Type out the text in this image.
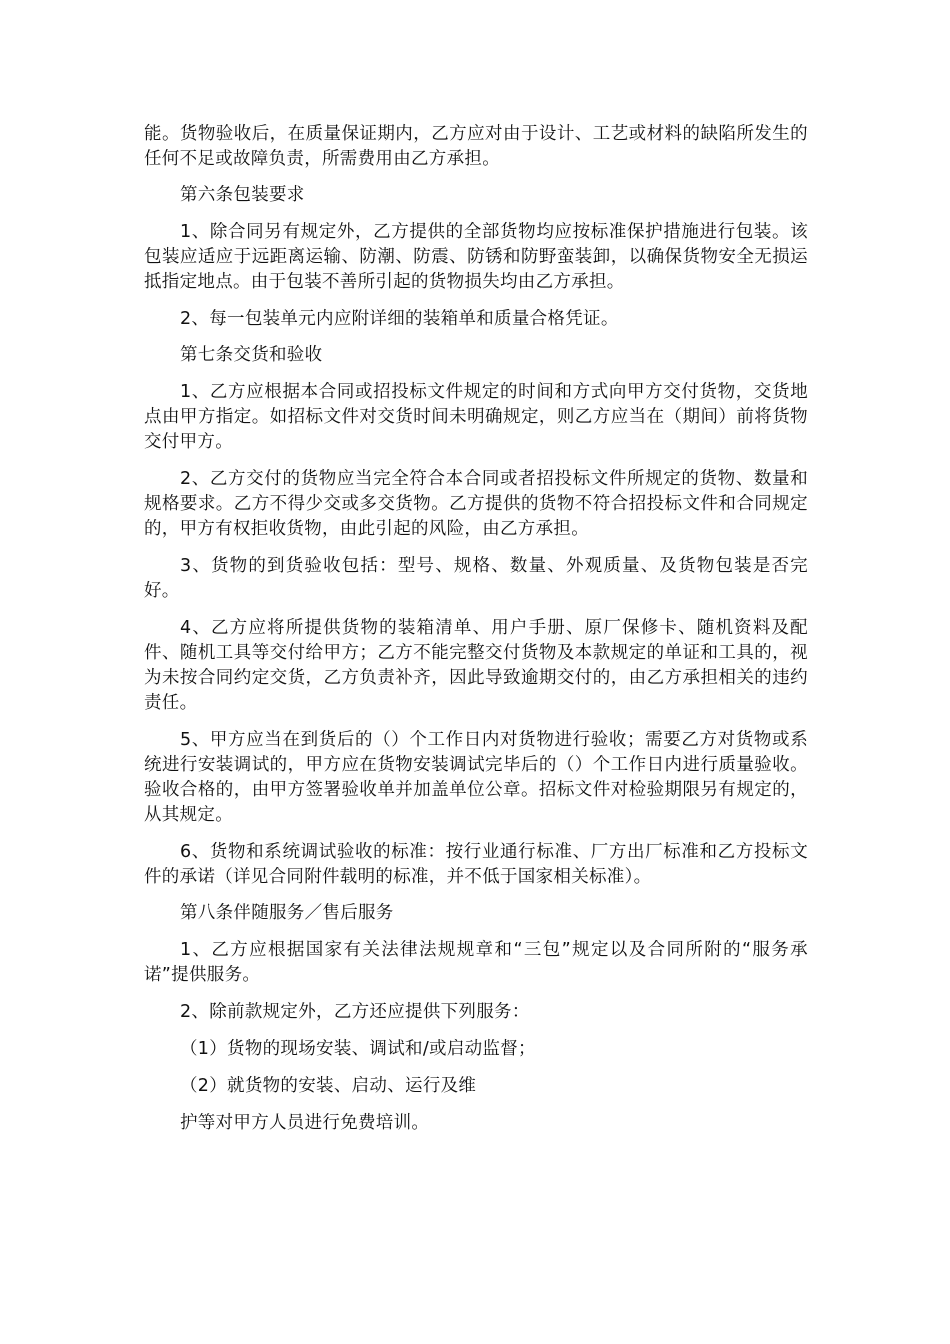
能。货物验收后，在质量保证期内，乙方应对由于设计、工艺或材料的缺陷所发生的任何不足或故障负责，所需费用由乙方承担。

第六条包装要求

1、除合同另有规定外，乙方提供的全部货物均应按标准保护措施进行包装。该包装应适应于远距离运输、防潮、防震、防锈和防野蛮装卸，以确保货物安全无损运抵指定地点。由于包装不善所引起的货物损失均由乙方承担。

2、每一包装单元内应附详细的装箱单和质量合格凭证。

第七条交货和验收

1、乙方应根据本合同或招投标文件规定的时间和方式向甲方交付货物，交货地点由甲方指定。如招标文件对交货时间未明确规定，则乙方应当在（期间）前将货物交付甲方。

2、乙方交付的货物应当完全符合本合同或者招投标文件所规定的货物、数量和规格要求。乙方不得少交或多交货物。乙方提供的货物不符合招投标文件和合同规定的，甲方有权拒收货物，由此引起的风险，由乙方承担。

3、货物的到货验收包括：型号、规格、数量、外观质量、及货物包装是否完好。

4、乙方应将所提供货物的装箱清单、用户手册、原厂保修卡、随机资料及配件、随机工具等交付给甲方；乙方不能完整交付货物及本款规定的单证和工具的，视为未按合同约定交货，乙方负责补齐，因此导致逾期交付的，由乙方承担相关的违约责任。

5、甲方应当在到货后的（）个工作日内对货物进行验收；需要乙方对货物或系统进行安装调试的，甲方应在货物安装调试完毕后的（）个工作日内进行质量验收。验收合格的，由甲方签署验收单并加盖单位公章。招标文件对检验期限另有规定的，从其规定。

6、货物和系统调试验收的标准：按行业通行标准、厂方出厂标准和乙方投标文件的承诺（详见合同附件载明的标准，并不低于国家相关标准）。

第八条伴随服务／售后服务

1、乙方应根据国家有关法律法规规章和“三包”规定以及合同所附的“服务承诺”提供服务。

2、除前款规定外，乙方还应提供下列服务：

（1）货物的现场安装、调试和/或启动监督；

（2）就货物的安装、启动、运行及维

护等对甲方人员进行免费培训。
